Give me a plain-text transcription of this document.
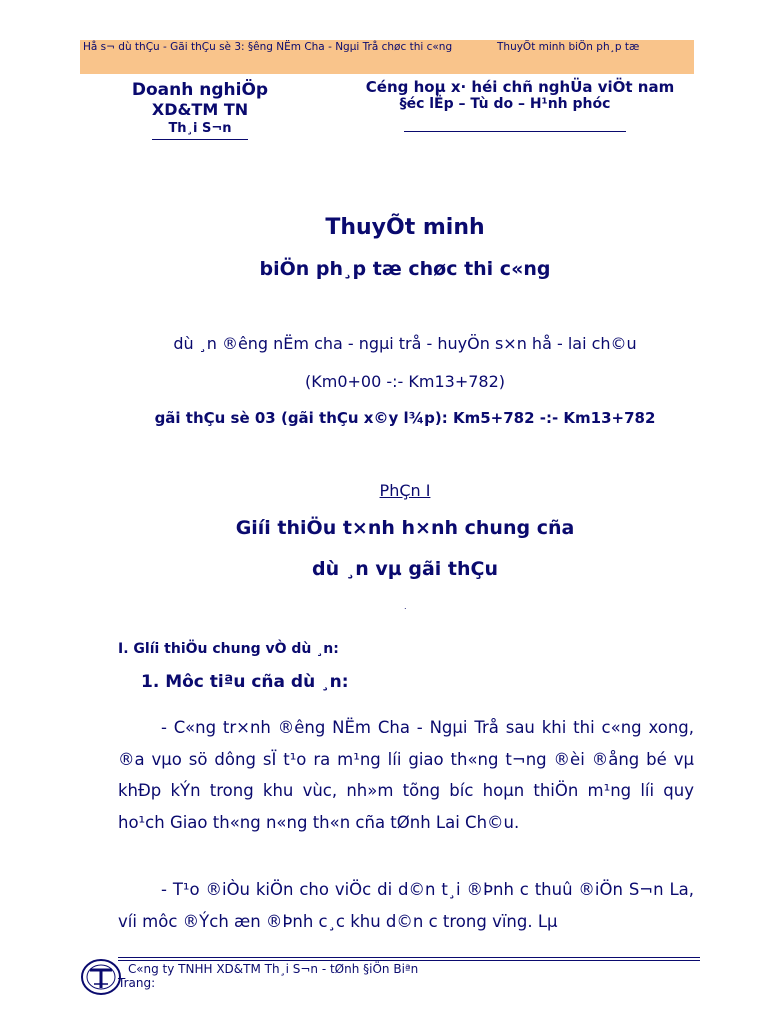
Hå s¬ dù thÇu - Gãi thÇu sè 3: §êng NËm Cha - Ngµi Trå chøc thi c«ng	ThuyÕt minh biÖn ph¸p tæ
Doanh nghiÖp
XD&TM TN
Th¸i S¬n
Céng hoµ x· héi chñ nghÜa viÖt nam
§éc lËp – Tù do – H¹nh phóc
ThuyÕt minh
biÖn ph¸p tæ chøc thi c«ng
dù ¸n ®êng nËm cha - ngµi trå - huyÖn s×n hå - lai ch©u
(Km0+00 -:- Km13+782)
gãi thÇu sè 03 (gãi thÇu x©y l¾p): Km5+782 -:- Km13+782
PhÇn I
Giíi thiÖu t×nh h×nh chung cña
dù ¸n vµ gãi thÇu
.
I. Glíi thiÖu chung vÒ dù ¸n:
1. Môc tiªu cña dù ¸n:
- C«ng tr×nh ®êng NËm Cha - Ngµi Trå sau khi thi c«ng xong, ®a vµo sö dông sÏ t¹o ra m¹ng líi giao th«ng t¬ng ®èi ®ång bé vµ khÐp kÝn trong khu vùc, nh»m tõng bíc hoµn thiÖn m¹ng líi quy ho¹ch Giao th«ng n«ng th«n cña tØnh Lai Ch©u.
- T¹o ®iÒu kiÖn cho viÖc di d©n t¸i ®Þnh c thuû ®iÖn S¬n La, víi môc ®Ých æn ®Þnh c¸c khu d©n c trong vïng. Lµ
C«ng ty TNHH XD&TM Th¸i S¬n - tØnh §iÖn Biªn
Trang:
